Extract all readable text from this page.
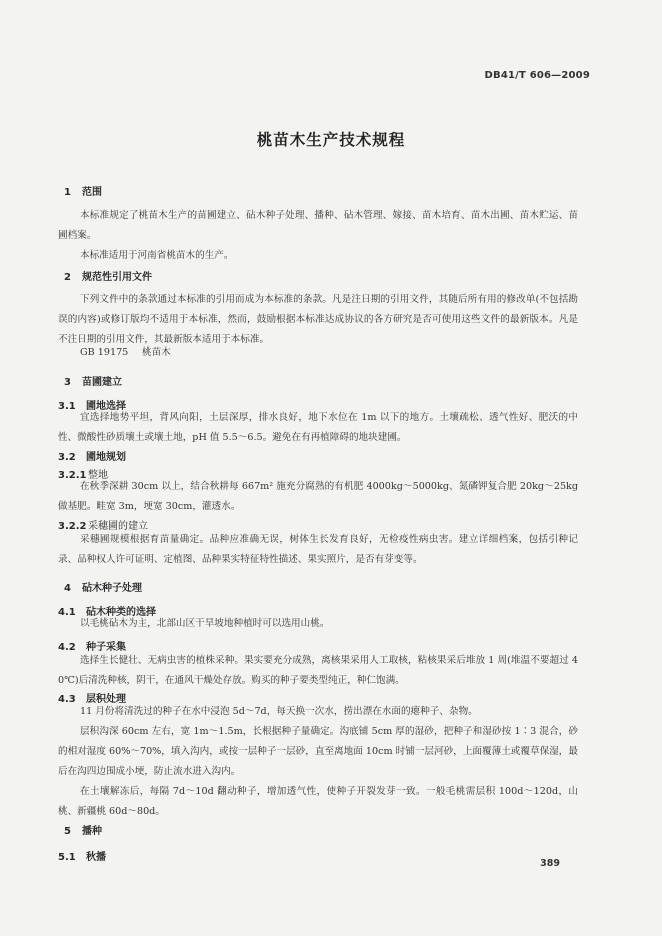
DB41/T 606—2009
桃苗木生产技术规程
1 范围
本标准规定了桃苗木生产的苗圃建立、砧木种子处理、播种、砧木管理、嫁接、苗木培育、苗木出圃、苗木贮运、苗圃档案。
本标准适用于河南省桃苗木的生产。
2 规范性引用文件
下列文件中的条款通过本标准的引用而成为本标准的条款。凡是注日期的引用文件，其随后所有用的修改单(不包括勘误的内容)或修订版均不适用于本标准，然而，鼓励根据本标准达成协议的各方研究是否可使用这些文件的最新版本。凡是不注日期的引用文件，其最新版本适用于本标准。
GB 19175 桃苗木
3 苗圃建立
3.1 圃地选择
宜选择地势平坦，背风向阳，土层深厚，排水良好，地下水位在 1m 以下的地方。土壤疏松、透气性好、肥沃的中性、微酸性砂质壤土或壤土地，pH 值 5.5～6.5。避免在有再植障碍的地块建圃。
3.2 圃地规划
3.2.1 整地
在秋季深耕 30cm 以上，结合秋耕每 667m² 施充分腐熟的有机肥 4000kg～5000kg、氮磷钾复合肥 20kg～25kg 做基肥。畦宽 3m，埂宽 30cm，灌透水。
3.2.2 采穗圃的建立
采穗圃规模根据育苗量确定。品种应准确无误，树体生长发育良好，无检疫性病虫害。建立详细档案，包括引种记录、品种权人许可证明、定植图、品种果实特征特性描述、果实照片，是否有芽变等。
4 砧木种子处理
4.1 砧木种类的选择
以毛桃砧木为主，北部山区干旱坡地种植时可以选用山桃。
4.2 种子采集
选择生长健壮、无病虫害的植株采种。果实要充分成熟，离核果采用人工取核，粘核果采后堆放 1 周(堆温不要超过 40℃)后清洗种核，阴干，在通风干燥处存放。购买的种子要类型纯正，种仁饱满。
4.3 层积处理
11 月份将清洗过的种子在水中浸泡 5d～7d，每天换一次水，捞出漂在水面的瘪种子、杂物。
层积沟深 60cm 左右，宽 1m～1.5m，长根据种子量确定。沟底铺 5cm 厚的湿砂，把种子和湿砂按 1∶3 混合，砂的相对湿度 60%～70%，填入沟内，或按一层种子一层砂，直至离地面 10cm 时铺一层河砂，上面覆薄土或覆草保湿，最后在沟四边围成小埂，防止流水进入沟内。
在土壤解冻后，每隔 7d～10d 翻动种子，增加透气性，使种子开裂发芽一致。一般毛桃需层积 100d～120d，山桃、新疆桃 60d～80d。
5 播种
5.1 秋播
389
